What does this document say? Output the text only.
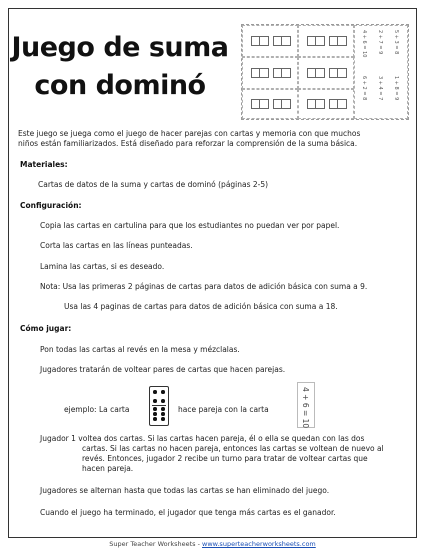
Juego de suma
con dominó
4 + 6 = 10 2 + 7 = 9 5 + 3 = 8
6 + 2 = 8 3 + 4 = 7 1 + 8 = 9
Este juego se juega como el juego de hacer parejas con cartas y memoria con que muchos
niños están familiarizados. Está diseñado para reforzar la comprensión de la suma básica.
Materiales:
Cartas de datos de la suma y cartas de dominó (páginas 2-5)
Configuración:
Copia las cartas en cartulina para que los estudiantes no puedan ver por papel.
Corta las cartas en las líneas punteadas.
Lamina las cartas, si es deseado.
Nota: Usa las primeras 2 páginas de cartas para datos de adición básica con suma a 9.
Usa las 4 paginas de cartas para datos de adición básica con suma a 18.
Cómo jugar:
Pon todas las cartas al revés en la mesa y mézclalas.
Jugadores tratarán de voltear pares de cartas que hacen parejas.
ejemplo: La carta	hace pareja con la carta	4 + 6 = 10
Jugador 1 voltea dos cartas. Si las cartas hacen pareja, él o ella se quedan con las dos
cartas. Si las cartas no hacen pareja, entonces las cartas se voltean de nuevo al
revés. Entonces, jugador 2 recibe un turno para tratar de voltear cartas que
hacen pareja.
Jugadores se alternan hasta que todas las cartas se han eliminado del juego.
Cuando el juego ha terminado, el jugador que tenga más cartas es el ganador.
Super Teacher Worksheets - www.superteacherworksheets.com
